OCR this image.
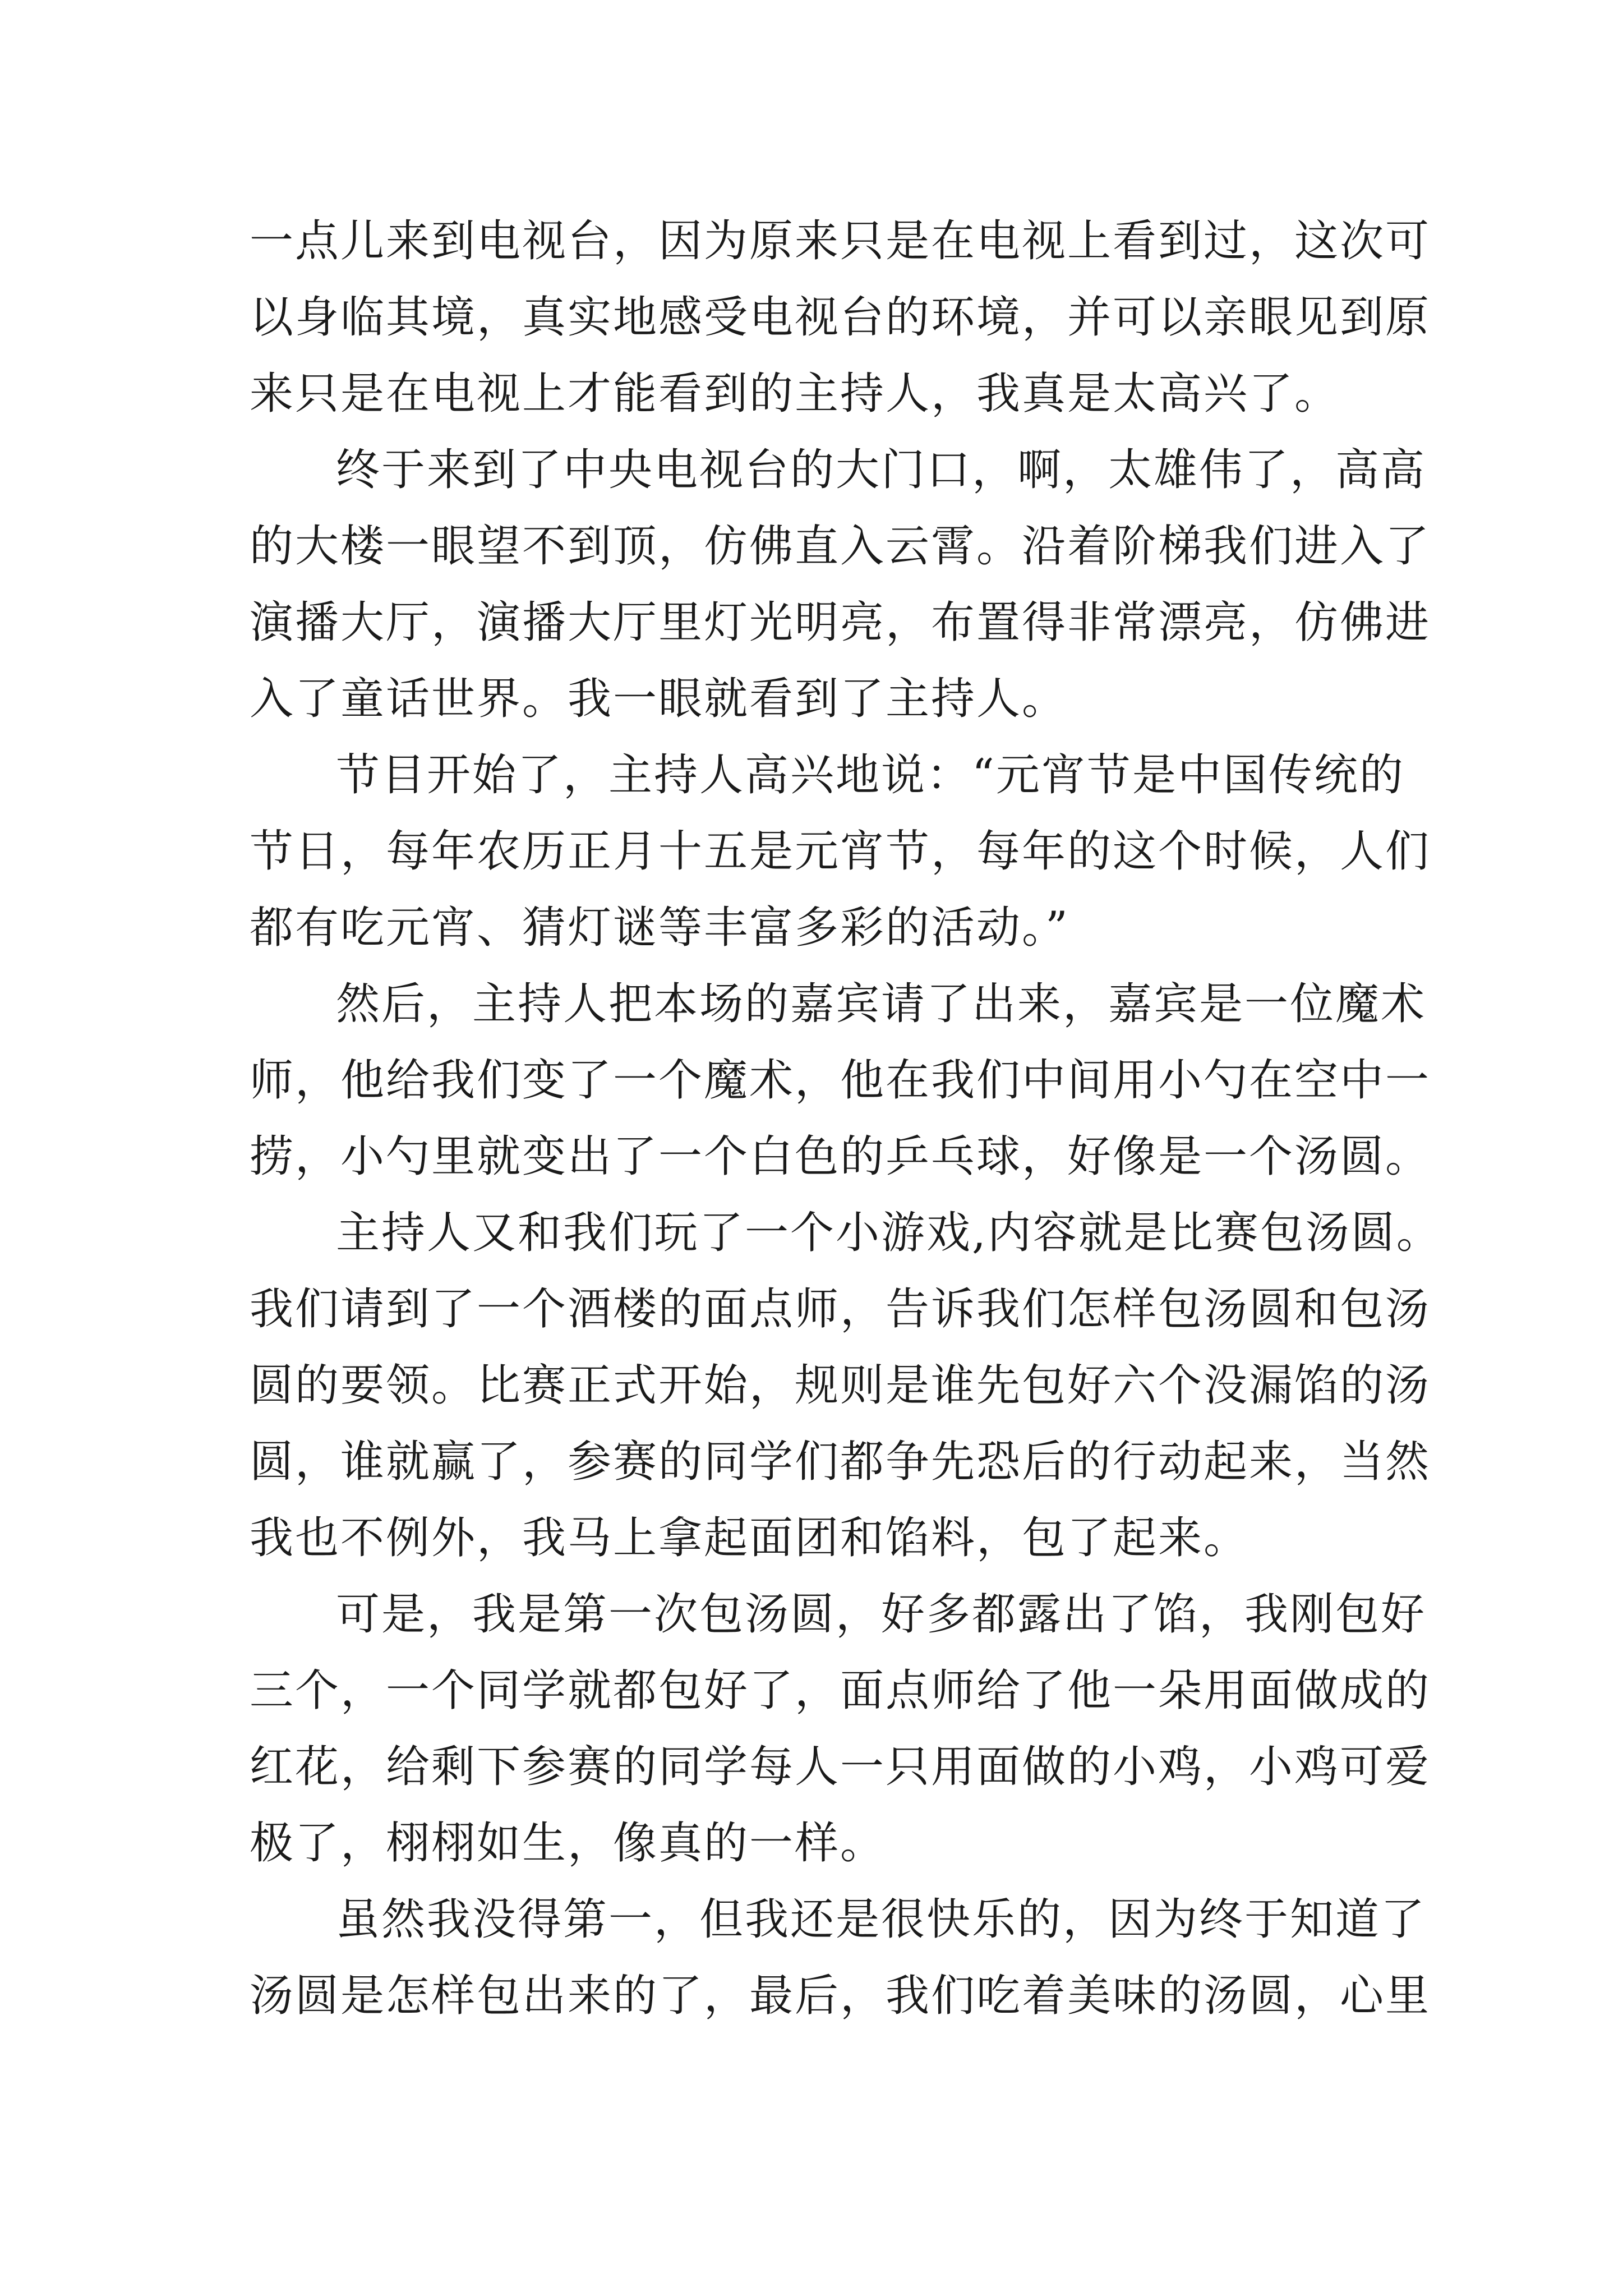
一点儿来到电视台，因为原来只是在电视上看到过，这次可
以身临其境，真实地感受电视台的环境，并可以亲眼见到原
来只是在电视上才能看到的主持人，我真是太高兴了。
终于来到了中央电视台的大门口，啊，太雄伟了，高高
的大楼一眼望不到顶，仿佛直入云霄。沿着阶梯我们进入了
演播大厅，演播大厅里灯光明亮，布置得非常漂亮，仿佛进
入了童话世界。我一眼就看到了主持人。
节目开始了，主持人高兴地说：“元宵节是中国传统的
节日，每年农历正月十五是元宵节，每年的这个时候，人们
都有吃元宵、猜灯谜等丰富多彩的活动。”
然后，主持人把本场的嘉宾请了出来，嘉宾是一位魔术
师，他给我们变了一个魔术，他在我们中间用小勺在空中一
捞，小勺里就变出了一个白色的乒乓球，好像是一个汤圆。
主持人又和我们玩了一个小游戏,内容就是比赛包汤圆。
我们请到了一个酒楼的面点师，告诉我们怎样包汤圆和包汤
圆的要领。比赛正式开始，规则是谁先包好六个没漏馅的汤
圆，谁就赢了，参赛的同学们都争先恐后的行动起来，当然
我也不例外，我马上拿起面团和馅料，包了起来。
可是，我是第一次包汤圆，好多都露出了馅，我刚包好
三个，一个同学就都包好了，面点师给了他一朵用面做成的
红花，给剩下参赛的同学每人一只用面做的小鸡，小鸡可爱
极了，栩栩如生，像真的一样。
虽然我没得第一，但我还是很快乐的，因为终于知道了
汤圆是怎样包出来的了，最后，我们吃着美味的汤圆，心里
